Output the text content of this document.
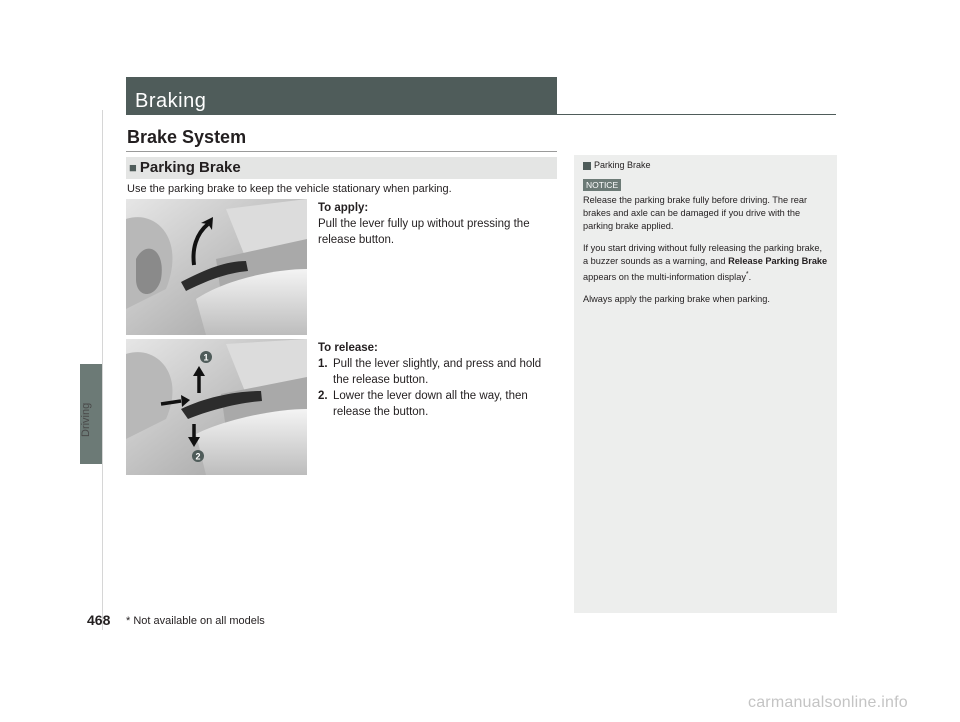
Driving
Braking
Brake System
■ Parking Brake
Use the parking brake to keep the vehicle stationary when parking.
To apply:
Pull the lever fully up without pressing the release button.
1
2
To release:
1. Pull the lever slightly, and press and hold the release button.
2. Lower the lever down all the way, then release the button.
Parking Brake
NOTICE

Release the parking brake fully before driving. The rear brakes and axle can be damaged if you drive with the parking brake applied.

If you start driving without fully releasing the parking brake, a buzzer sounds as a warning, and Release Parking Brake appears on the multi-information display*.

Always apply the parking brake when parking.

468 * Not available on all models
carmanualsonline.info
